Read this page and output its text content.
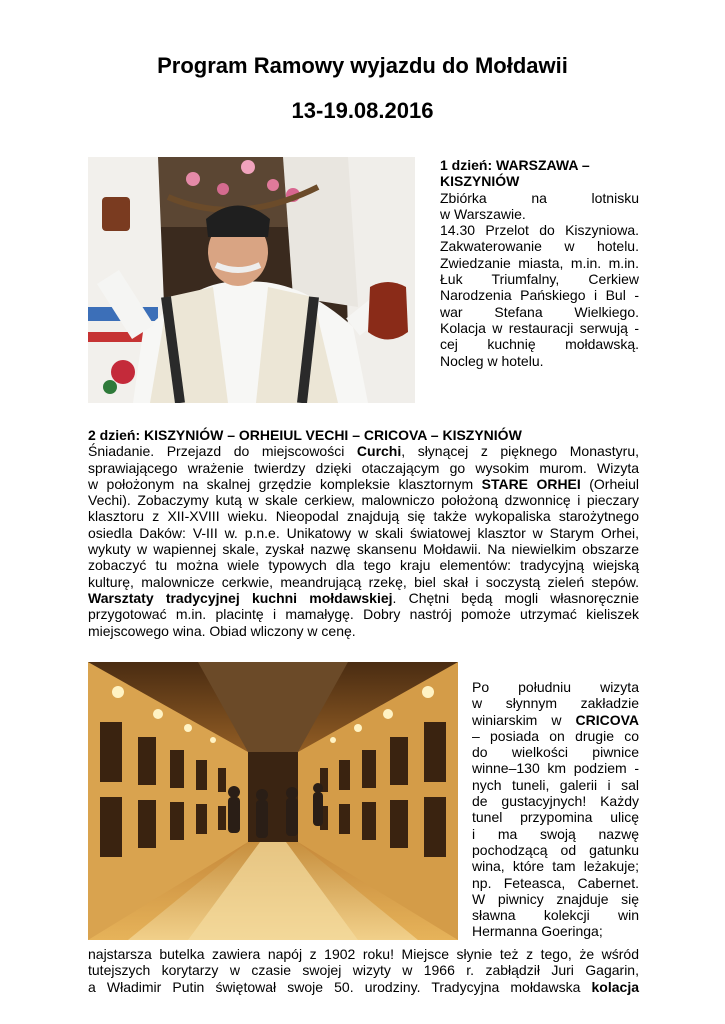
Program Ramowy wyjazdu do Mołdawii
13-19.08.2016
1 dzień: WARSZAWA –
KISZYNIÓW
Zbiórka na lotnisku
w Warszawie.
14.30 Przelot do Kiszyniowa.
Zakwaterowanie w hotelu.
Zwiedzanie miasta, m.in. m.in.
Łuk Triumfalny, Cerkiew
Narodzenia Pańskiego i Bul -
war Stefana Wielkiego.
Kolacja w restauracji serwują -
cej kuchnię mołdawską.
Nocleg w hotelu.
2 dzień: KISZYNIÓW – ORHEIUL VECHI – CRICOVA – KISZYNIÓW
Śniadanie. Przejazd do miejscowości Curchi, słynącej z pięknego Monastyru,
sprawiającego wrażenie twierdzy dzięki otaczającym go wysokim murom. Wizyta
w położonym na skalnej grzędzie kompleksie klasztornym STARE ORHEI (Orheiul
Vechi). Zobaczymy kutą w skale cerkiew, malowniczo położoną dzwonnicę i pieczary
klasztoru z XII-XVIII wieku. Nieopodal znajdują się także wykopaliska starożytnego
osiedla Daków: V-III w. p.n.e. Unikatowy w skali światowej klasztor w Starym Orhei,
wykuty w wapiennej skale, zyskał nazwę skansenu Mołdawii. Na niewielkim obszarze
zobaczyć tu można wiele typowych dla tego kraju elementów: tradycyjną wiejską
kulturę, malownicze cerkwie, meandrującą rzekę, biel skał i soczystą zieleń stepów.
Warsztaty tradycyjnej kuchni mołdawskiej. Chętni będą mogli własnoręcznie
przygotować m.in. placintę i mamałygę. Dobry nastrój pomoże utrzymać kieliszek
miejscowego wina. Obiad wliczony w cenę.
Po południu wizyta
w słynnym zakładzie
winiarskim w CRICOVA
– posiada on drugie co
do wielkości piwnice
winne–130 km podziem -
nych tuneli, galerii i sal
de gustacyjnych! Każdy
tunel przypomina ulicę
i ma swoją nazwę
pochodzącą od gatunku
wina, które tam leżakuje;
np. Feteasca, Cabernet.
W piwnicy znajduje się
sławna kolekcji win
Hermanna Goeringa;
najstarsza butelka zawiera napój z 1902 roku! Miejsce słynie też z tego, że wśród
tutejszych korytarzy w czasie swojej wizyty w 1966 r. zabłądził Juri Gagarin,
a Władimir Putin świętował swoje 50. urodziny. Tradycyjna mołdawska kolacja
